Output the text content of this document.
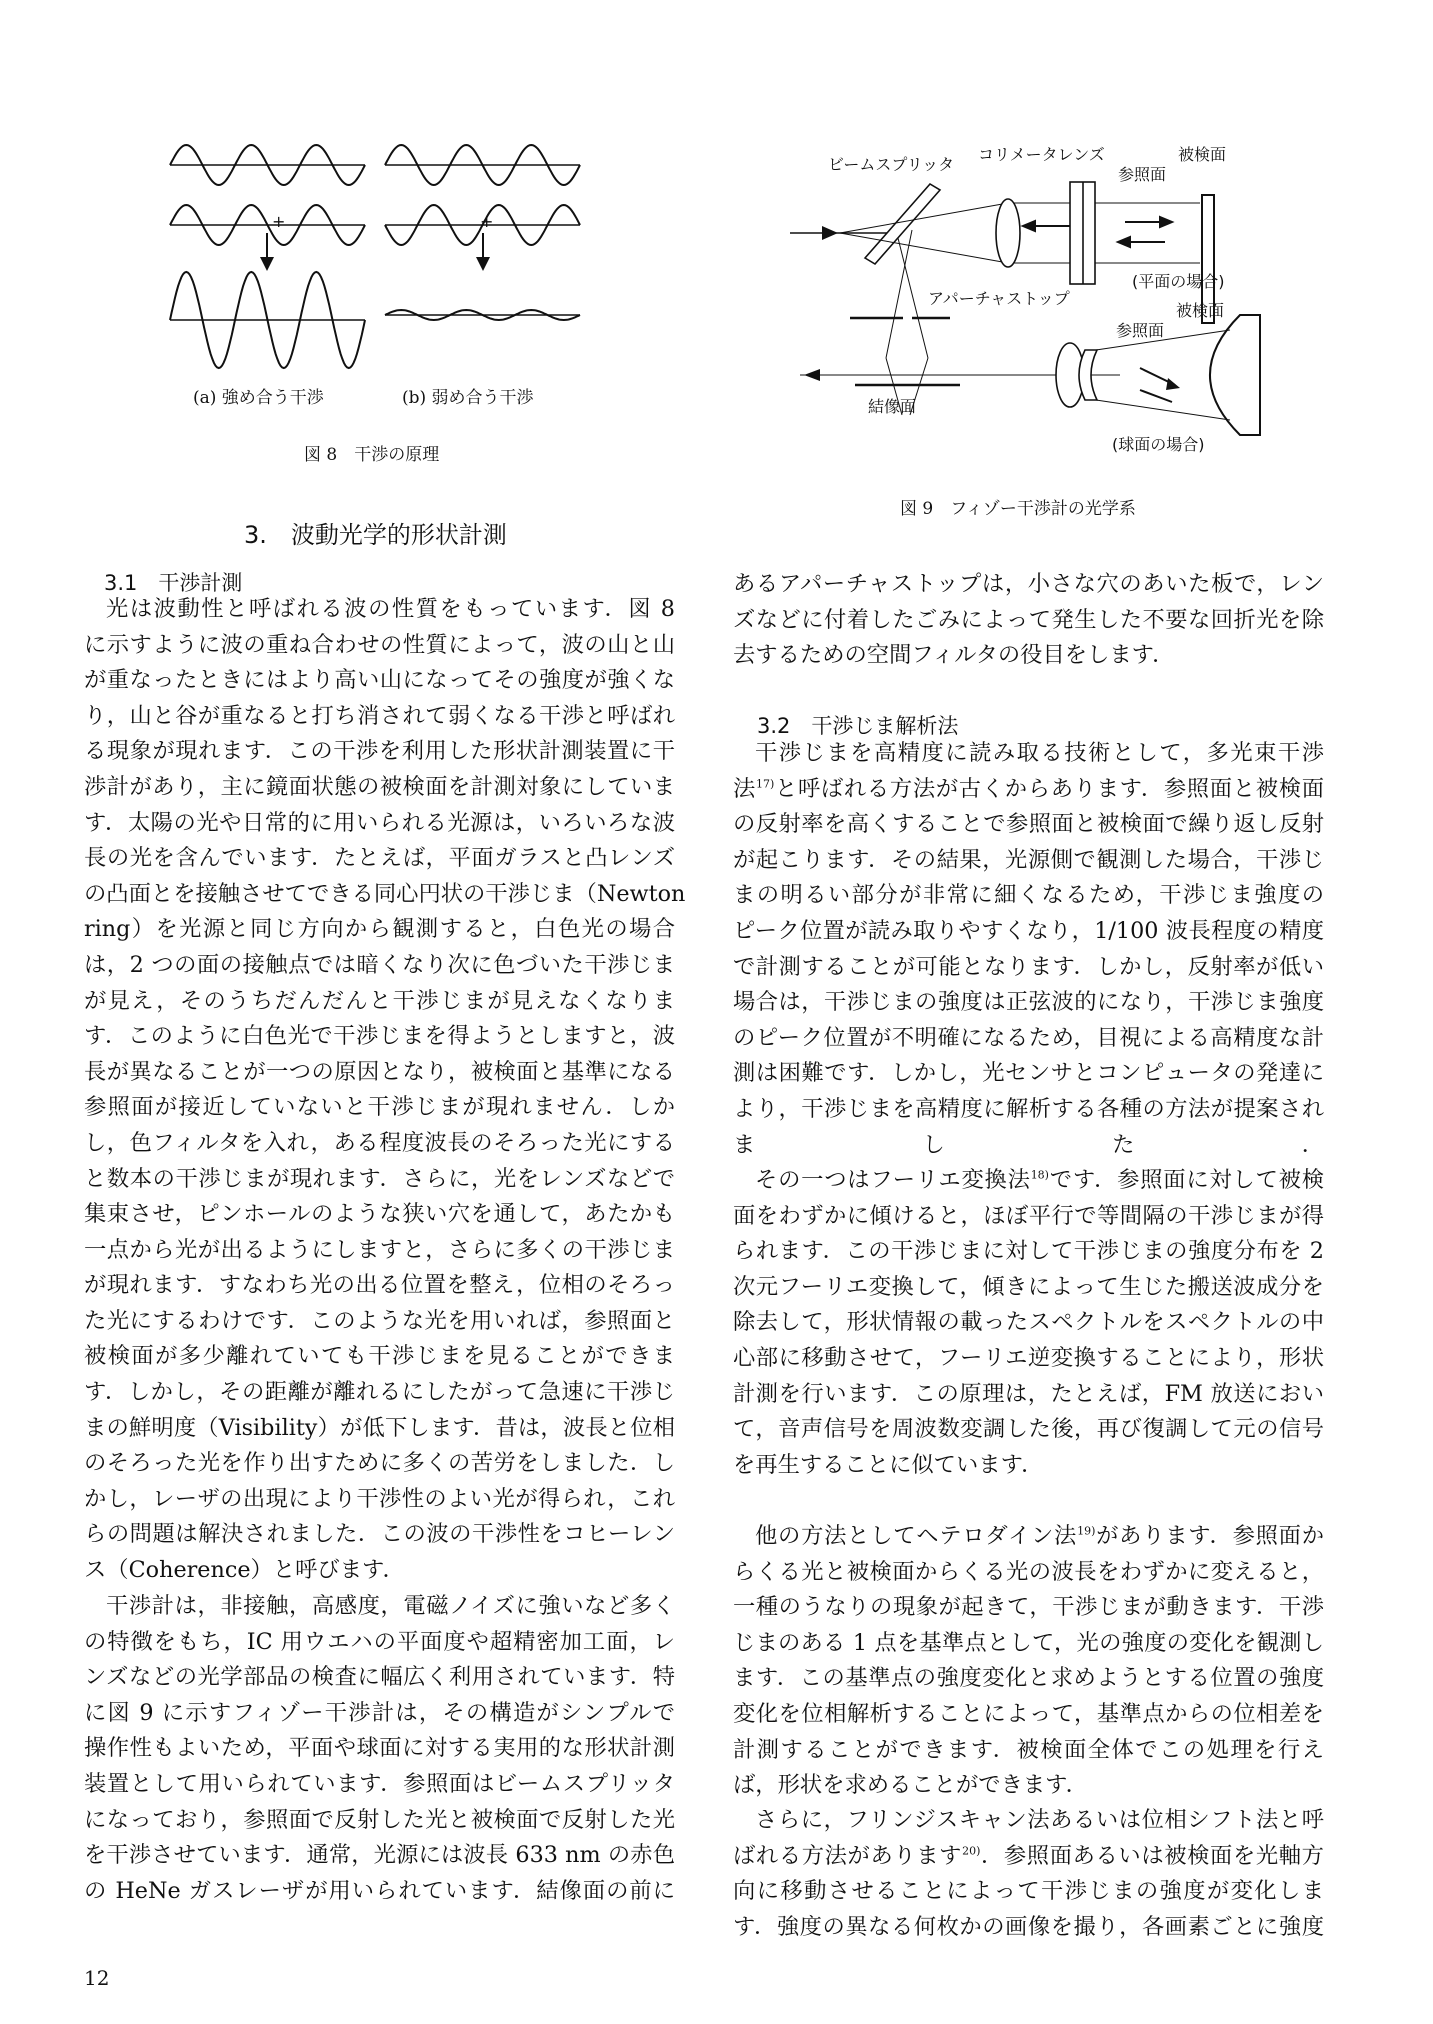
+	+
(a) 強め合う干渉	(b) 弱め合う干渉
図 8　干渉の原理
ビームスプリッタ
コリメータレンズ	被検面
参照面
(平面の場合)
アパーチャストップ
被検面
参照面
結像面
(球面の場合)
図 9　フィゾー干渉計の光学系
3.　波動光学的形状計測
3.1　干渉計測
光は波動性と呼ばれる波の性質をもっています．図 8
に示すように波の重ね合わせの性質によって，波の山と山
が重なったときにはより高い山になってその強度が強くな
り，山と谷が重なると打ち消されて弱くなる干渉と呼ばれ
る現象が現れます．この干渉を利用した形状計測装置に干
渉計があり，主に鏡面状態の被検面を計測対象にしていま
す．太陽の光や日常的に用いられる光源は，いろいろな波
長の光を含んでいます．たとえば，平面ガラスと凸レンズ
の凸面とを接触させてできる同心円状の干渉じま（Newton
ring）を光源と同じ方向から観測すると，白色光の場合
は，2 つの面の接触点では暗くなり次に色づいた干渉じま
が見え，そのうちだんだんと干渉じまが見えなくなりま
す．このように白色光で干渉じまを得ようとしますと，波
長が異なることが一つの原因となり，被検面と基準になる
参照面が接近していないと干渉じまが現れません．しか
し，色フィルタを入れ，ある程度波長のそろった光にする
と数本の干渉じまが現れます．さらに，光をレンズなどで
集束させ，ピンホールのような狭い穴を通して，あたかも
一点から光が出るようにしますと，さらに多くの干渉じま
が現れます．すなわち光の出る位置を整え，位相のそろっ
た光にするわけです．このような光を用いれば，参照面と
被検面が多少離れていても干渉じまを見ることができま
す．しかし，その距離が離れるにしたがって急速に干渉じ
まの鮮明度（Visibility）が低下します．昔は，波長と位相
のそろった光を作り出すために多くの苦労をしました．し
かし，レーザの出現により干渉性のよい光が得られ，これ
らの問題は解決されました．この波の干渉性をコヒーレン
ス（Coherence）と呼びます．
干渉計は，非接触，高感度，電磁ノイズに強いなど多く
の特徴をもち，IC 用ウエハの平面度や超精密加工面，レ
ンズなどの光学部品の検査に幅広く利用されています．特
に図 9 に示すフィゾー干渉計は，その構造がシンプルで
操作性もよいため，平面や球面に対する実用的な形状計測
装置として用いられています．参照面はビームスプリッタ
になっており，参照面で反射した光と被検面で反射した光
を干渉させています．通常，光源には波長 633 nm の赤色
の HeNe ガスレーザが用いられています．結像面の前に
あるアパーチャストップは，小さな穴のあいた板で，レン
ズなどに付着したごみによって発生した不要な回折光を除
去するための空間フィルタの役目をします．
3.2　干渉じま解析法
干渉じまを高精度に読み取る技術として，多光束干渉
法$^{17)}$と呼ばれる方法が古くからあります．参照面と被検面
の反射率を高くすることで参照面と被検面で繰り返し反射
が起こります．その結果，光源側で観測した場合，干渉じ
まの明るい部分が非常に細くなるため，干渉じま強度の
ピーク位置が読み取りやすくなり，1/100 波長程度の精度
で計測することが可能となります．しかし，反射率が低い
場合は，干渉じまの強度は正弦波的になり，干渉じま強度
のピーク位置が不明確になるため，目視による高精度な計
測は困難です．しかし，光センサとコンピュータの発達に
より，干渉じまを高精度に解析する各種の方法が提案され
ました．
その一つはフーリエ変換法$^{18)}$です．参照面に対して被検
面をわずかに傾けると，ほぼ平行で等間隔の干渉じまが得
られます．この干渉じまに対して干渉じまの強度分布を 2
次元フーリエ変換して，傾きによって生じた搬送波成分を
除去して，形状情報の載ったスペクトルをスペクトルの中
心部に移動させて，フーリエ逆変換することにより，形状
計測を行います．この原理は，たとえば，FM 放送におい
て，音声信号を周波数変調した後，再び復調して元の信号
を再生することに似ています．
他の方法としてヘテロダイン法$^{19)}$があります．参照面か
らくる光と被検面からくる光の波長をわずかに変えると，
一種のうなりの現象が起きて，干渉じまが動きます．干渉
じまのある 1 点を基準点として，光の強度の変化を観測し
ます．この基準点の強度変化と求めようとする位置の強度
変化を位相解析することによって，基準点からの位相差を
計測することができます．被検面全体でこの処理を行え
ば，形状を求めることができます．
さらに，フリンジスキャン法あるいは位相シフト法と呼
ばれる方法があります$^{20)}$．参照面あるいは被検面を光軸方
向に移動させることによって干渉じまの強度が変化しま
す．強度の異なる何枚かの画像を撮り，各画素ごとに強度
12
